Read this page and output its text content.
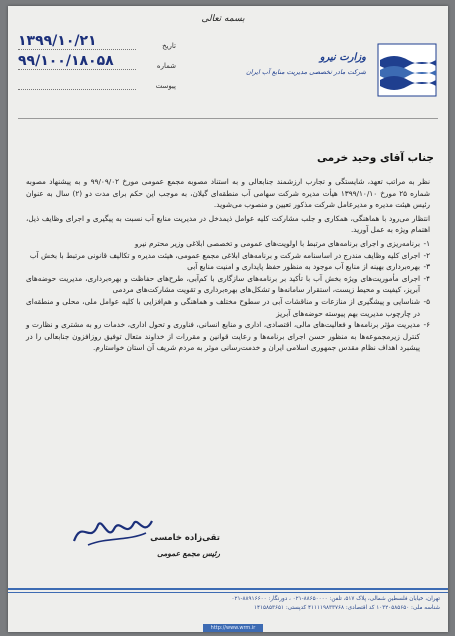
بسمه تعالی
۱۳۹۹/۱۰/۲۱	تاریخ
۹۹/۱۰۰/۱۸۰۵۸	شماره
پیوست
وزارت نیرو
شرکت مادر تخصصی مدیریت منابع آب ایران
جناب آقای وحید خرمی

نظر به مراتب تعهد، شایستگی و تجارب ارزشمند جنابعالی و به استناد مصوبه مجمع عمومی مورخ ۹۹/۰۹/۰۲ و به پیشنهاد مصوبه شماره ۲۵ مورخ ۱۳۹۹/۱۰/۱۰ هیأت مدیره شرکت سهامی آب منطقه‌ای گیلان، به موجب این حکم برای مدت دو (۲) سال به عنوان رئیس هیئت مدیره و مدیرعامل شرکت مذکور تعیین و منصوب می‌شوید.

انتظار می‌رود با هماهنگی، همکاری و جلب مشارکت کلیه عوامل ذیمدخل در مدیریت منابع آب نسبت به پیگیری و اجرای وظایف ذیل، اهتمام ویژه به عمل آورید.

۱-
برنامه‌ریزی و اجرای برنامه‌های مرتبط با اولویت‌های عمومی و تخصصی ابلاغی وزیر محترم نیرو
۲-
اجرای کلیه وظایف مندرج در اساسنامه شرکت و برنامه‌های ابلاغی مجمع عمومی، هیئت مدیره و تکالیف قانونی مرتبط با بخش آب
۳-
بهره‌برداری بهینه از منابع آب موجود به منظور حفظ پایداری و امنیت منابع آبی
۴-
اجرای مأموریت‌های ویژه بخش آب با تأکید بر برنامه‌های سازگاری با کم‌آبی، طرح‌های حفاظت و بهره‌برداری، مدیریت حوضه‌های آبریز، کیفیت و محیط زیست، استقرار سامانه‌ها و تشکل‌های بهره‌برداری و تقویت مشارکت‌های مردمی
۵-
شناسایی و پیشگیری از منازعات و مناقشات آبی در سطوح مختلف و هماهنگی و هم‌افزایی با کلیه عوامل ملی، محلی و منطقه‌ای در چارچوب مدیریت بهم پیوسته حوضه‌های آبریز
۶-
مدیریت مؤثر برنامه‌ها و فعالیت‌های مالی، اقتصادی، اداری و منابع انسانی، فناوری و تحول اداری، خدمات رو به مشتری و نظارت و کنترل زیرمجموعه‌ها به منظور حسن اجرای برنامه‌ها و رعایت قوانین و مقررات از خداوند متعال توفیق روزافزون جنابعالی را در پیشبرد اهداف نظام مقدس جمهوری اسلامی ایران و خدمت‌رسانی موثر به مردم شریف آن استان خواستارم.
تقی‌زاده خامسی
رئیس مجمع عمومی
تهران، خیابان فلسطین شمالی، پلاک ۵۱۷، تلفن: ۸۸۶۵۰۰۰۰-۰۲۱ ، دورنگار: ۸۸۹۱۶۶۰۰-۰۲۱
شناسه ملی: ۱۰۳۲۰۵۸۵۶۵۰ کد اقتصادی: ۴۱۱۱۱۹۸۳۳۷۶۸ کدپستی: ۱۴۱۵۸۵۳۶۵۱
http://www.wrm.ir
